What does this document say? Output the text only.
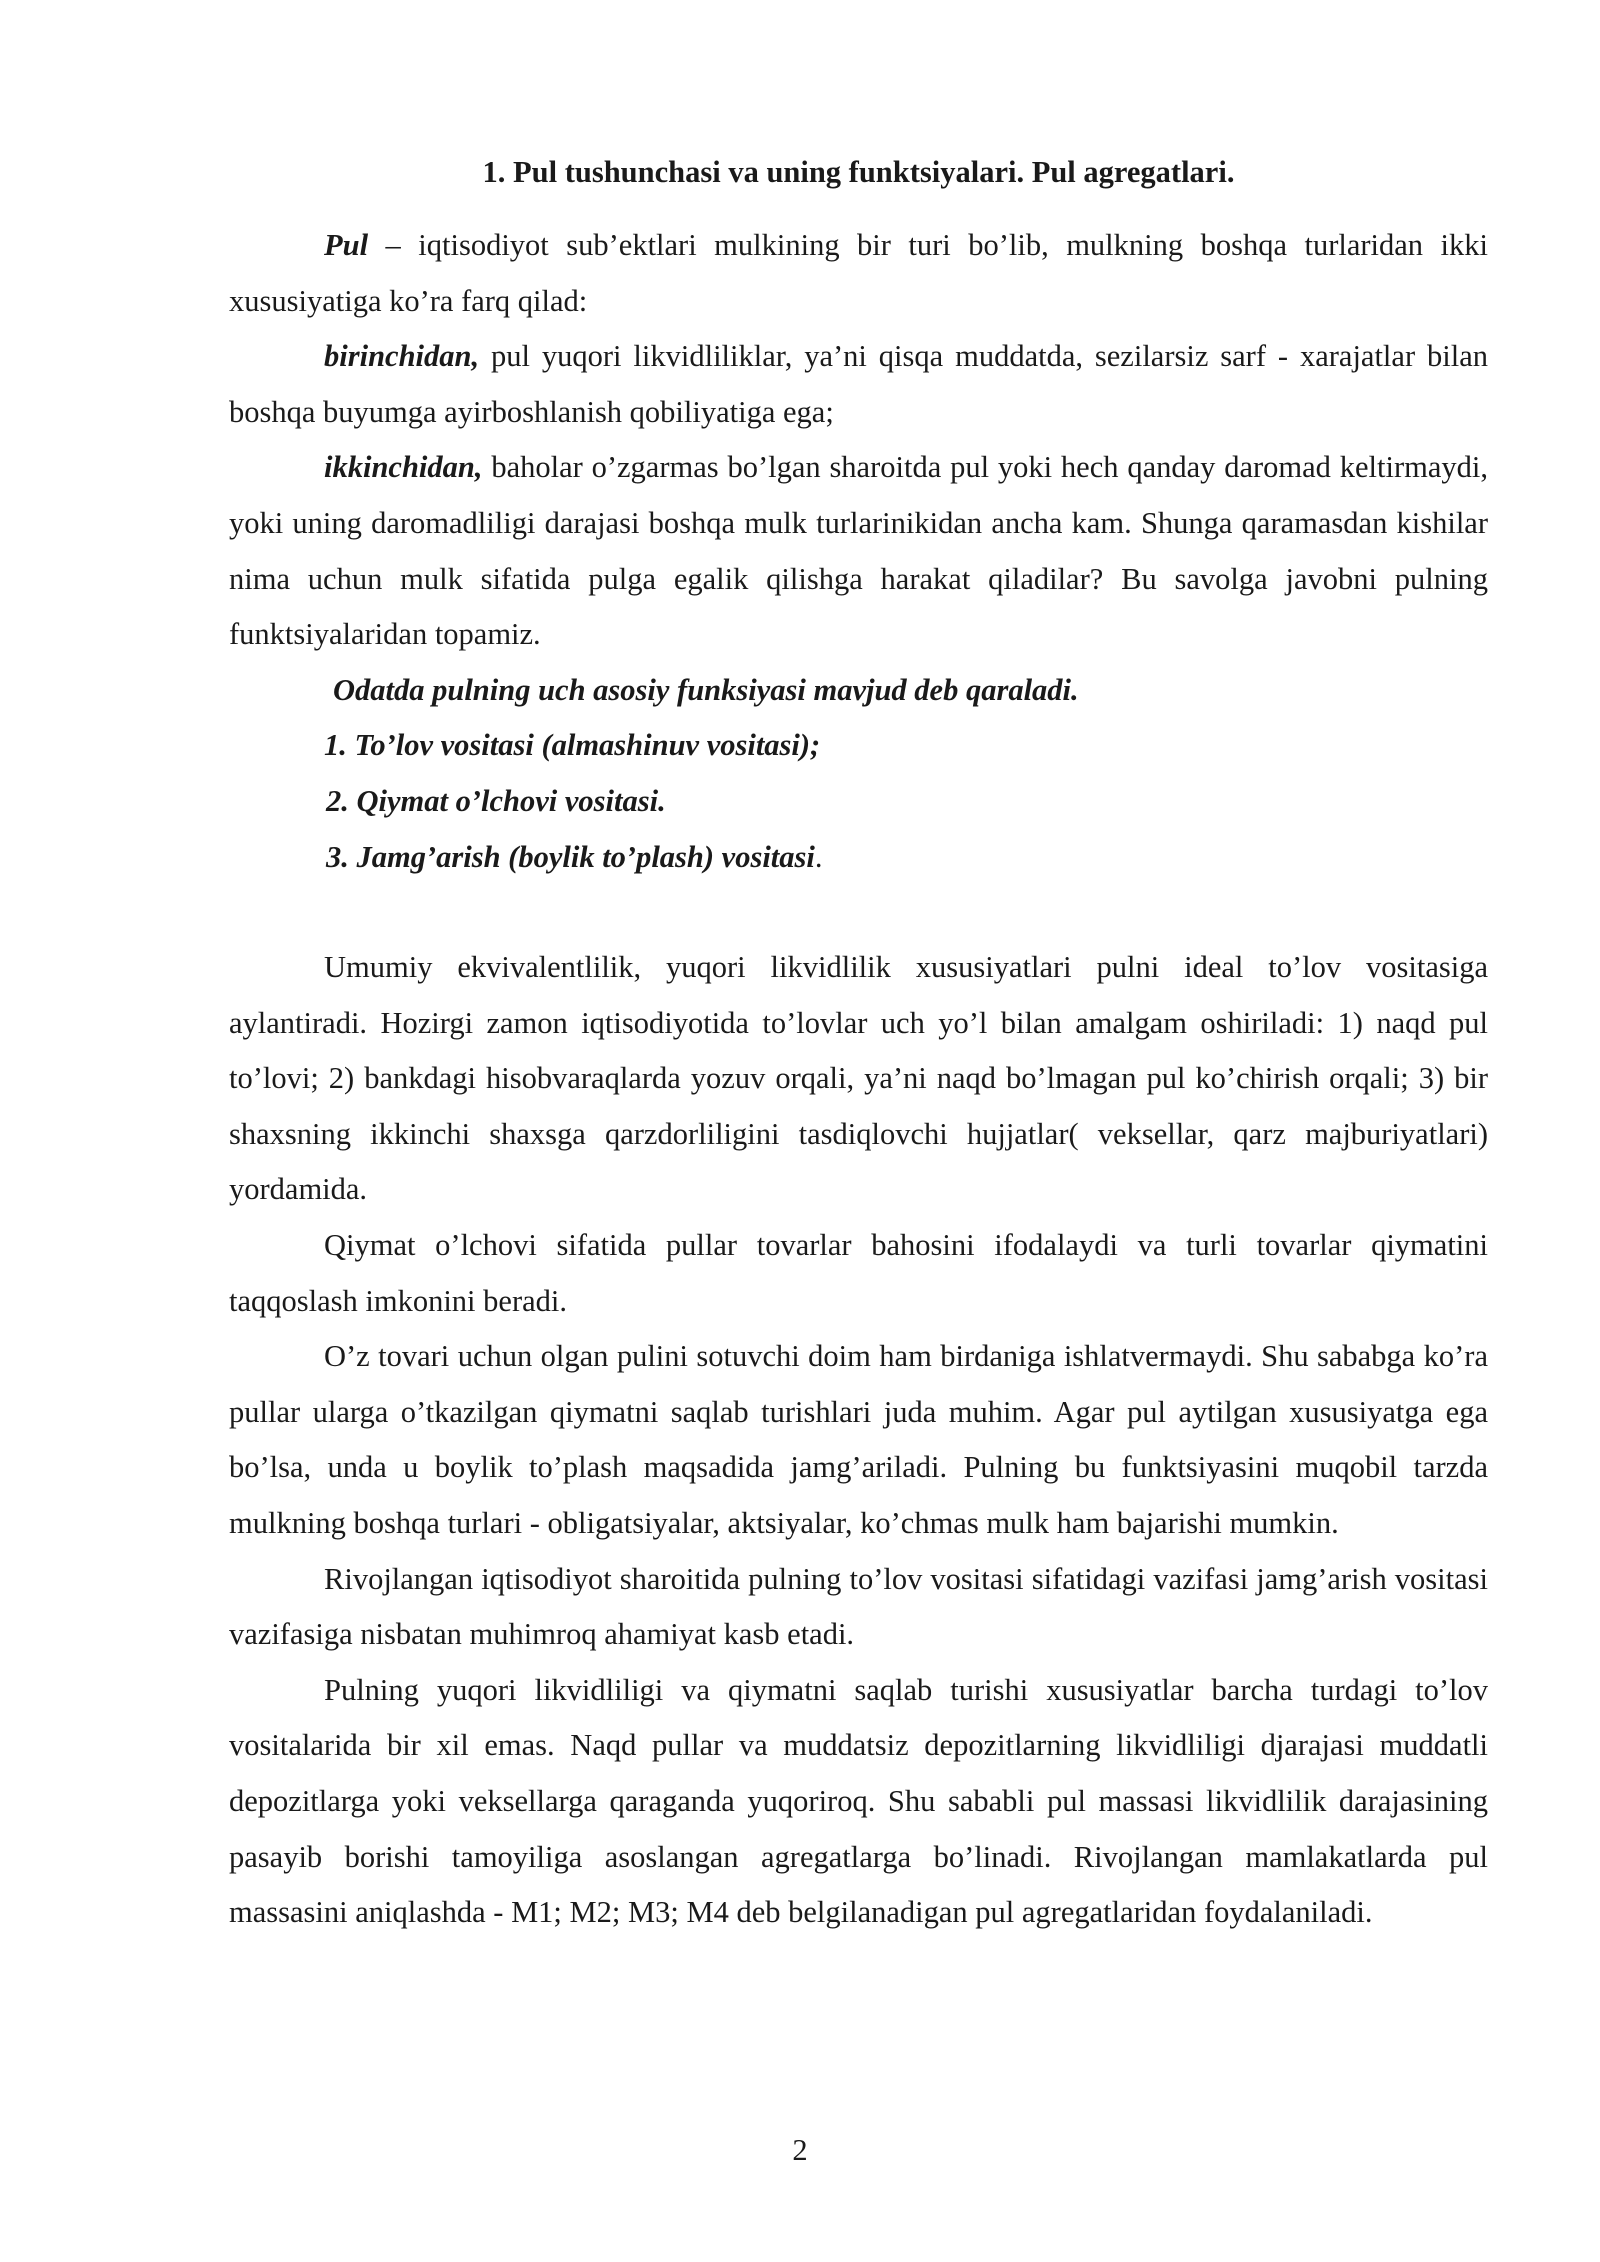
1. Pul tushunchasi va uning funktsiyalari. Pul agregatlari.

Pul – iqtisodiyot sub’ektlari mulkining bir turi bo’lib, mulkning boshqa turlaridan ikki xususiyatiga ko’ra farq qilad:

birinchidan, pul yuqori likvidliliklar, ya’ni qisqa muddatda, sezilarsiz sarf - xarajatlar bilan boshqa buyumga ayirboshlanish qobiliyatiga ega;

ikkinchidan, baholar o’zgarmas bo’lgan sharoitda pul yoki hech qanday daromad keltirmaydi, yoki uning daromadliligi darajasi boshqa mulk turlarinikidan ancha kam. Shunga qaramasdan kishilar nima uchun mulk sifatida pulga egalik qilishga harakat qiladilar? Bu savolga javobni pulning funktsiyalaridan topamiz.

Odatda pulning uch asosiy funksiyasi mavjud deb qaraladi.
1. To’lov vositasi (almashinuv vositasi);
2. Qiymat o’lchovi vositasi.
3. Jamg’arish (boylik to’plash) vositasi.

Umumiy ekvivalentlilik, yuqori likvidlilik xususiyatlari pulni ideal to’lov vositasiga aylantiradi. Hozirgi zamon iqtisodiyotida to’lovlar uch yo’l bilan amalgam oshiriladi: 1) naqd pul to’lovi; 2) bankdagi hisobvaraqlarda yozuv orqali, ya’ni naqd bo’lmagan pul ko’chirish orqali; 3) bir shaxsning ikkinchi shaxsga qarzdorliligini tasdiqlovchi hujjatlar( veksellar, qarz majburiyatlari) yordamida.

Qiymat o’lchovi sifatida pullar tovarlar bahosini ifodalaydi va turli tovarlar qiymatini taqqoslash imkonini beradi.

O’z tovari uchun olgan pulini sotuvchi doim ham birdaniga ishlatvermaydi. Shu sababga ko’ra pullar ularga o’tkazilgan qiymatni saqlab turishlari juda muhim. Agar pul aytilgan xususiyatga ega bo’lsa, unda u boylik to’plash maqsadida jamg’ariladi. Pulning bu funktsiyasini muqobil tarzda mulkning boshqa turlari - obligatsiyalar, aktsiyalar, ko’chmas mulk ham bajarishi mumkin.

Rivojlangan iqtisodiyot sharoitida pulning to’lov vositasi sifatidagi vazifasi jamg’arish vositasi vazifasiga nisbatan muhimroq ahamiyat kasb etadi.

Pulning yuqori likvidliligi va qiymatni saqlab turishi xususiyatlar barcha turdagi to’lov vositalarida bir xil emas. Naqd pullar va muddatsiz depozitlarning likvidliligi djarajasi muddatli depozitlarga yoki veksellarga qaraganda yuqoriroq. Shu sababli pul massasi likvidlilik darajasining pasayib borishi tamoyiliga asoslangan agregatlarga bo’linadi. Rivojlangan mamlakatlarda pul massasini aniqlashda - M1; M2; M3; M4 deb belgilanadigan pul agregatlaridan foydalaniladi.

2
